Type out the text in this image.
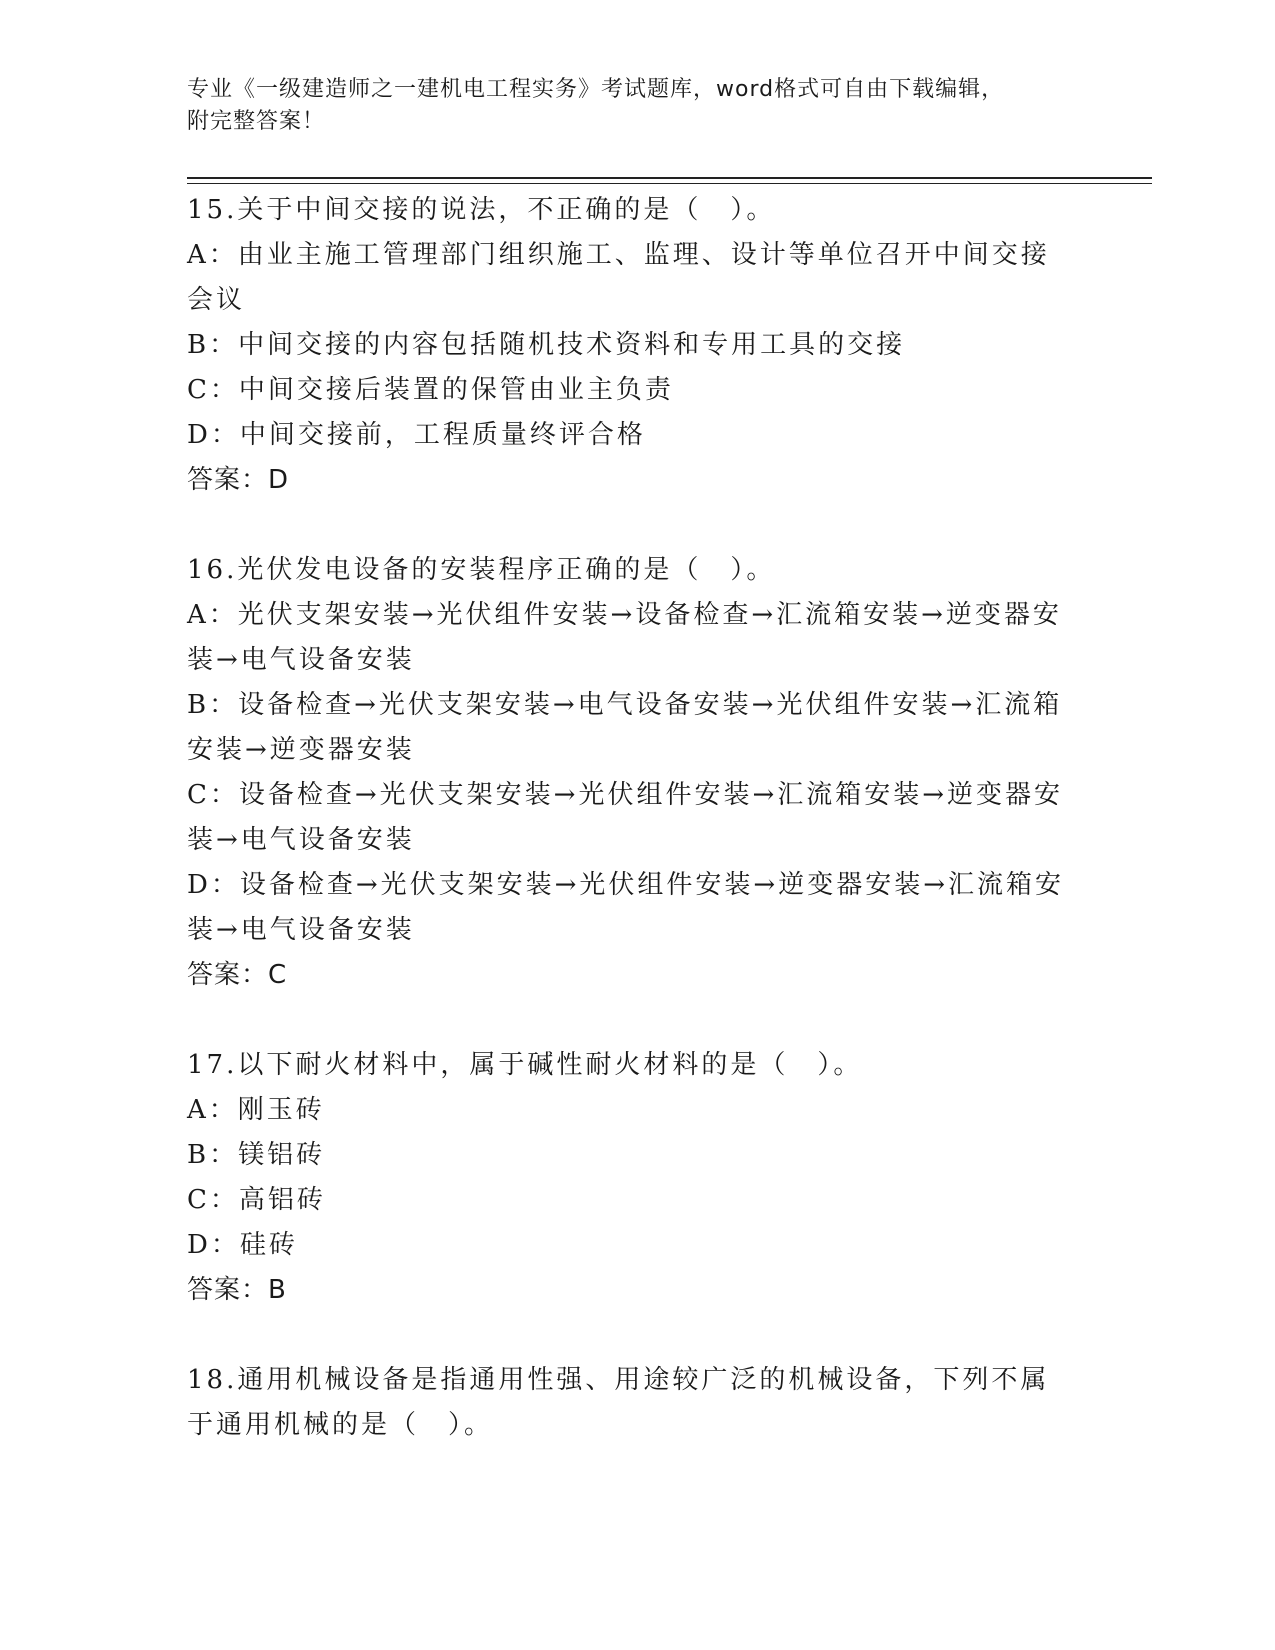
专业《一级建造师之一建机电工程实务》考试题库，word格式可自由下载编辑，
附完整答案！
15.关于中间交接的说法，不正确的是（　）。
A：由业主施工管理部门组织施工、监理、设计等单位召开中间交接会议
B：中间交接的内容包括随机技术资料和专用工具的交接
C：中间交接后装置的保管由业主负责
D：中间交接前，工程质量终评合格
答案：D
16.光伏发电设备的安装程序正确的是（　）。
A：光伏支架安装→光伏组件安装→设备检查→汇流箱安装→逆变器安装→电气设备安装
B：设备检查→光伏支架安装→电气设备安装→光伏组件安装→汇流箱安装→逆变器安装
C：设备检查→光伏支架安装→光伏组件安装→汇流箱安装→逆变器安装→电气设备安装
D：设备检查→光伏支架安装→光伏组件安装→逆变器安装→汇流箱安装→电气设备安装
答案：C
17.以下耐火材料中，属于碱性耐火材料的是（　）。
A：刚玉砖
B：镁铝砖
C：高铝砖
D：硅砖
答案：B
18.通用机械设备是指通用性强、用途较广泛的机械设备，下列不属于通用机械的是（　）。
